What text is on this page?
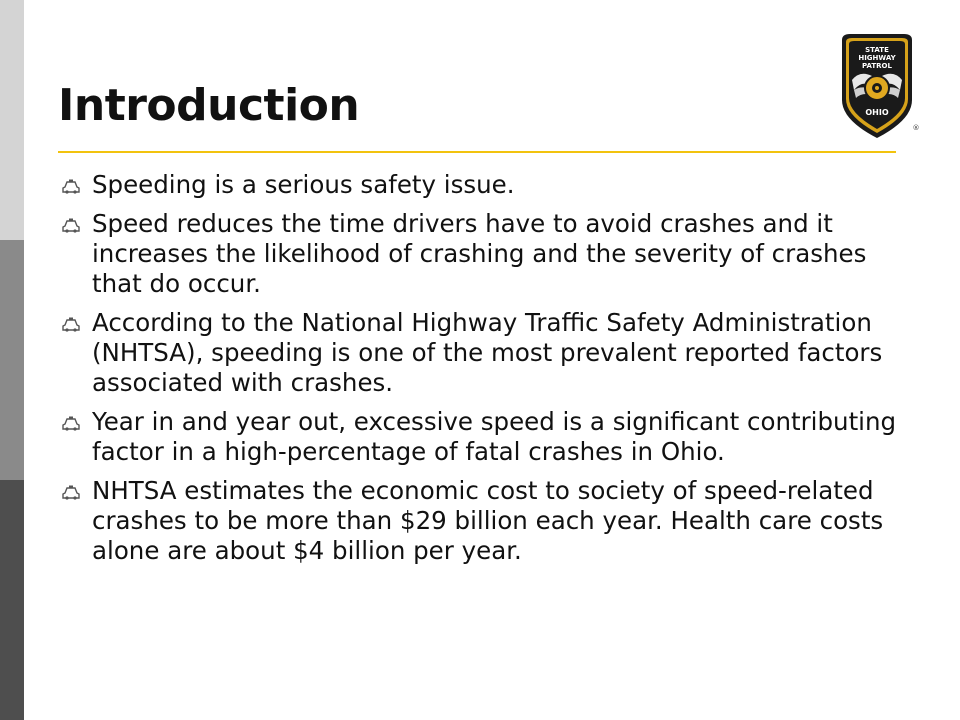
Introduction
STATE
HIGHWAY
PATROL
OHIO
®
Speeding is a serious safety issue.
Speed reduces the time drivers have to avoid crashes and it increases the likelihood of crashing and the severity of crashes that do occur.
According to the National Highway Traffic Safety Administration (NHTSA), speeding is one of the most prevalent reported factors associated with crashes.
Year in and year out, excessive speed is a significant contributing factor in a high-percentage of fatal crashes in Ohio.
NHTSA estimates the economic cost to society of speed-related crashes to be more than $29 billion each year. Health care costs alone are about $4 billion per year.
